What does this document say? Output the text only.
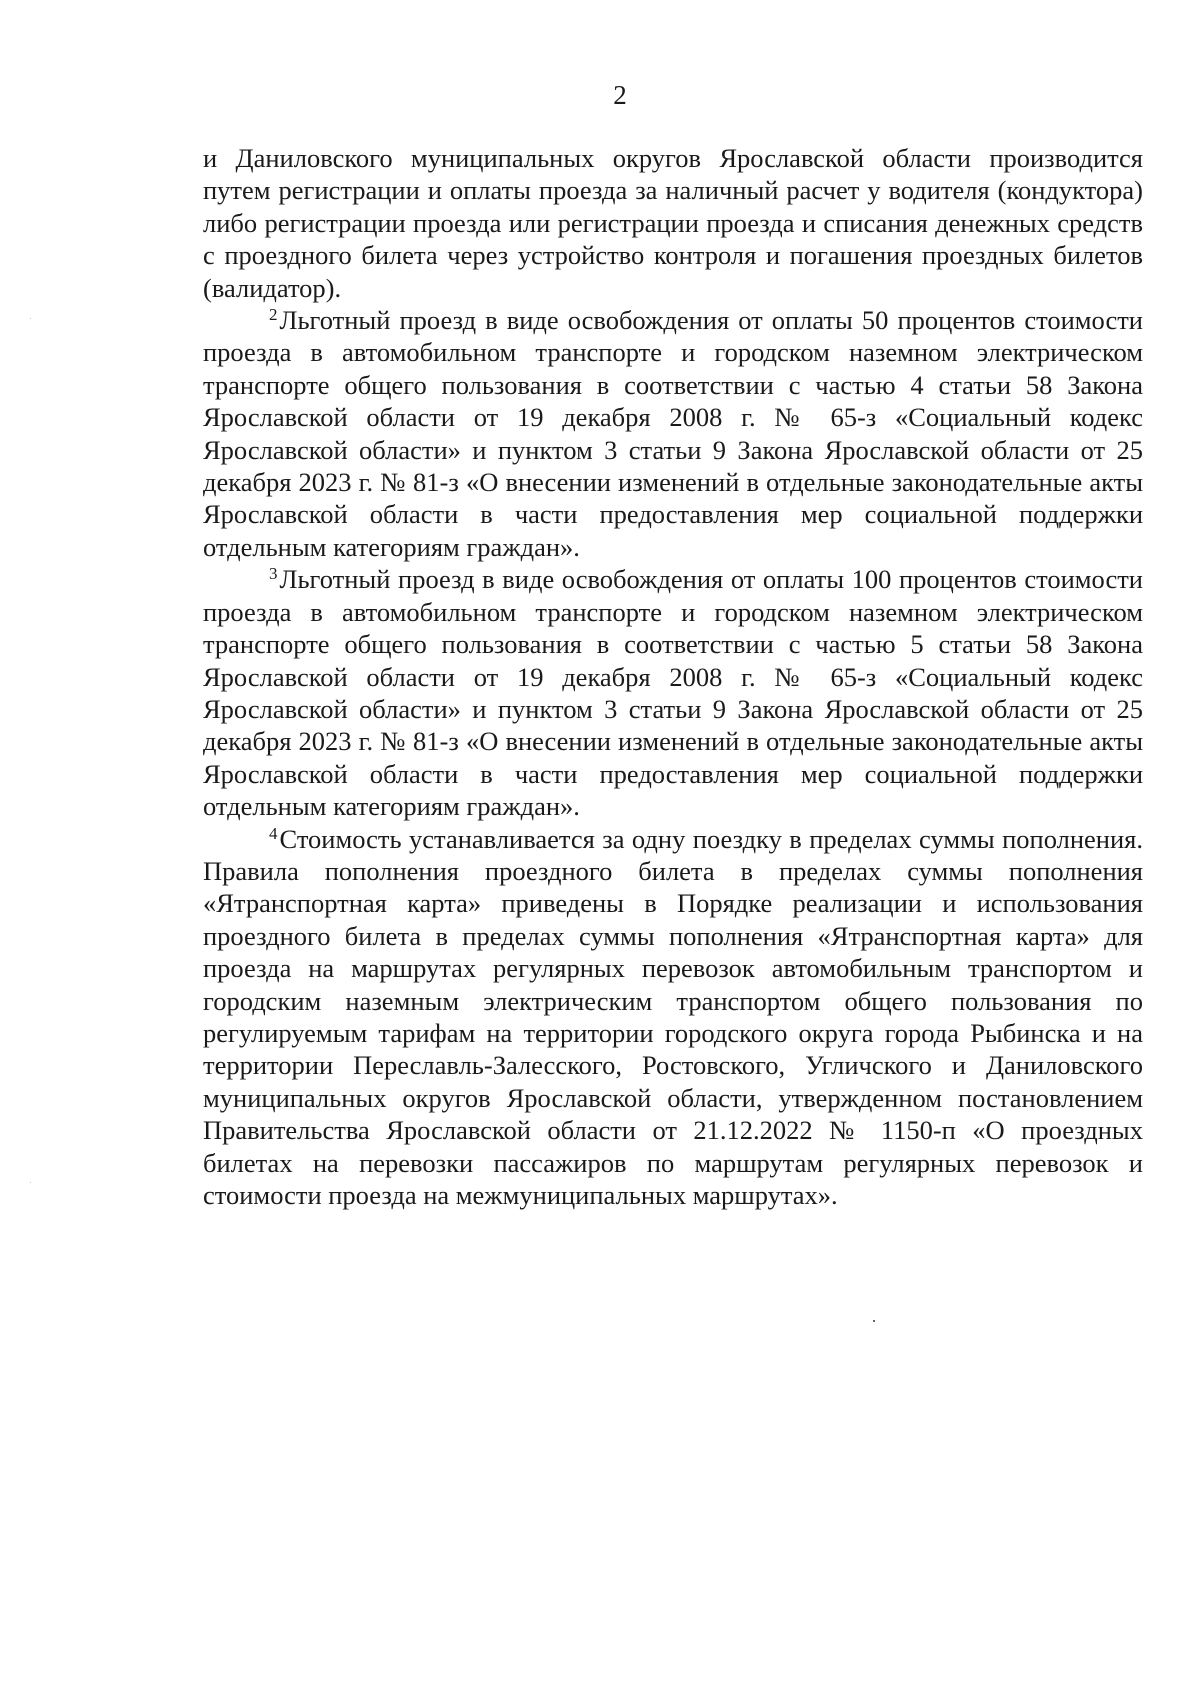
2

и Даниловского муниципальных округов Ярославской области производится путем регистрации и оплаты проезда за наличный расчет у водителя (кондуктора) либо регистрации проезда или регистрации проезда и списания денежных средств с проездного билета через устройство контроля и погашения проездных билетов (валидатор).

$^2$Льготный проезд в виде освобождения от оплаты 50 процентов стоимости проезда в автомобильном транспорте и городском наземном электрическом транспорте общего пользования в соответствии с частью 4 статьи 58 Закона Ярославской области от 19 декабря 2008 г. № 65-з «Социальный кодекс Ярославской области» и пунктом 3 статьи 9 Закона Ярославской области от 25 декабря 2023 г. № 81-з «О внесении изменений в отдельные законодательные акты Ярославской области в части предоставления мер социальной поддержки отдельным категориям граждан».

$^3$Льготный проезд в виде освобождения от оплаты 100 процентов стоимости проезда в автомобильном транспорте и городском наземном электрическом транспорте общего пользования в соответствии с частью 5 статьи 58 Закона Ярославской области от 19 декабря 2008 г. № 65-з «Социальный кодекс Ярославской области» и пунктом 3 статьи 9 Закона Ярославской области от 25 декабря 2023 г. № 81-з «О внесении изменений в отдельные законодательные акты Ярославской области в части предоставления мер социальной поддержки отдельным категориям граждан».

$^4$Стоимость устанавливается за одну поездку в пределах суммы пополнения. Правила пополнения проездного билета в пределах суммы пополнения «Ятранспортная карта» приведены в Порядке реализации и использования проездного билета в пределах суммы пополнения «Ятранспортная карта» для проезда на маршрутах регулярных перевозок автомобильным транспортом и городским наземным электрическим транспортом общего пользования по регулируемым тарифам на территории городского округа города Рыбинска и на территории Переславль-Залесского, Ростовского, Угличского и Даниловского муниципальных округов Ярославской области, утвержденном постановлением Правительства Ярославской области от 21.12.2022 № 1150-п «О проездных билетах на перевозки пассажиров по маршрутам регулярных перевозок и стоимости проезда на межмуниципальных маршрутах».
